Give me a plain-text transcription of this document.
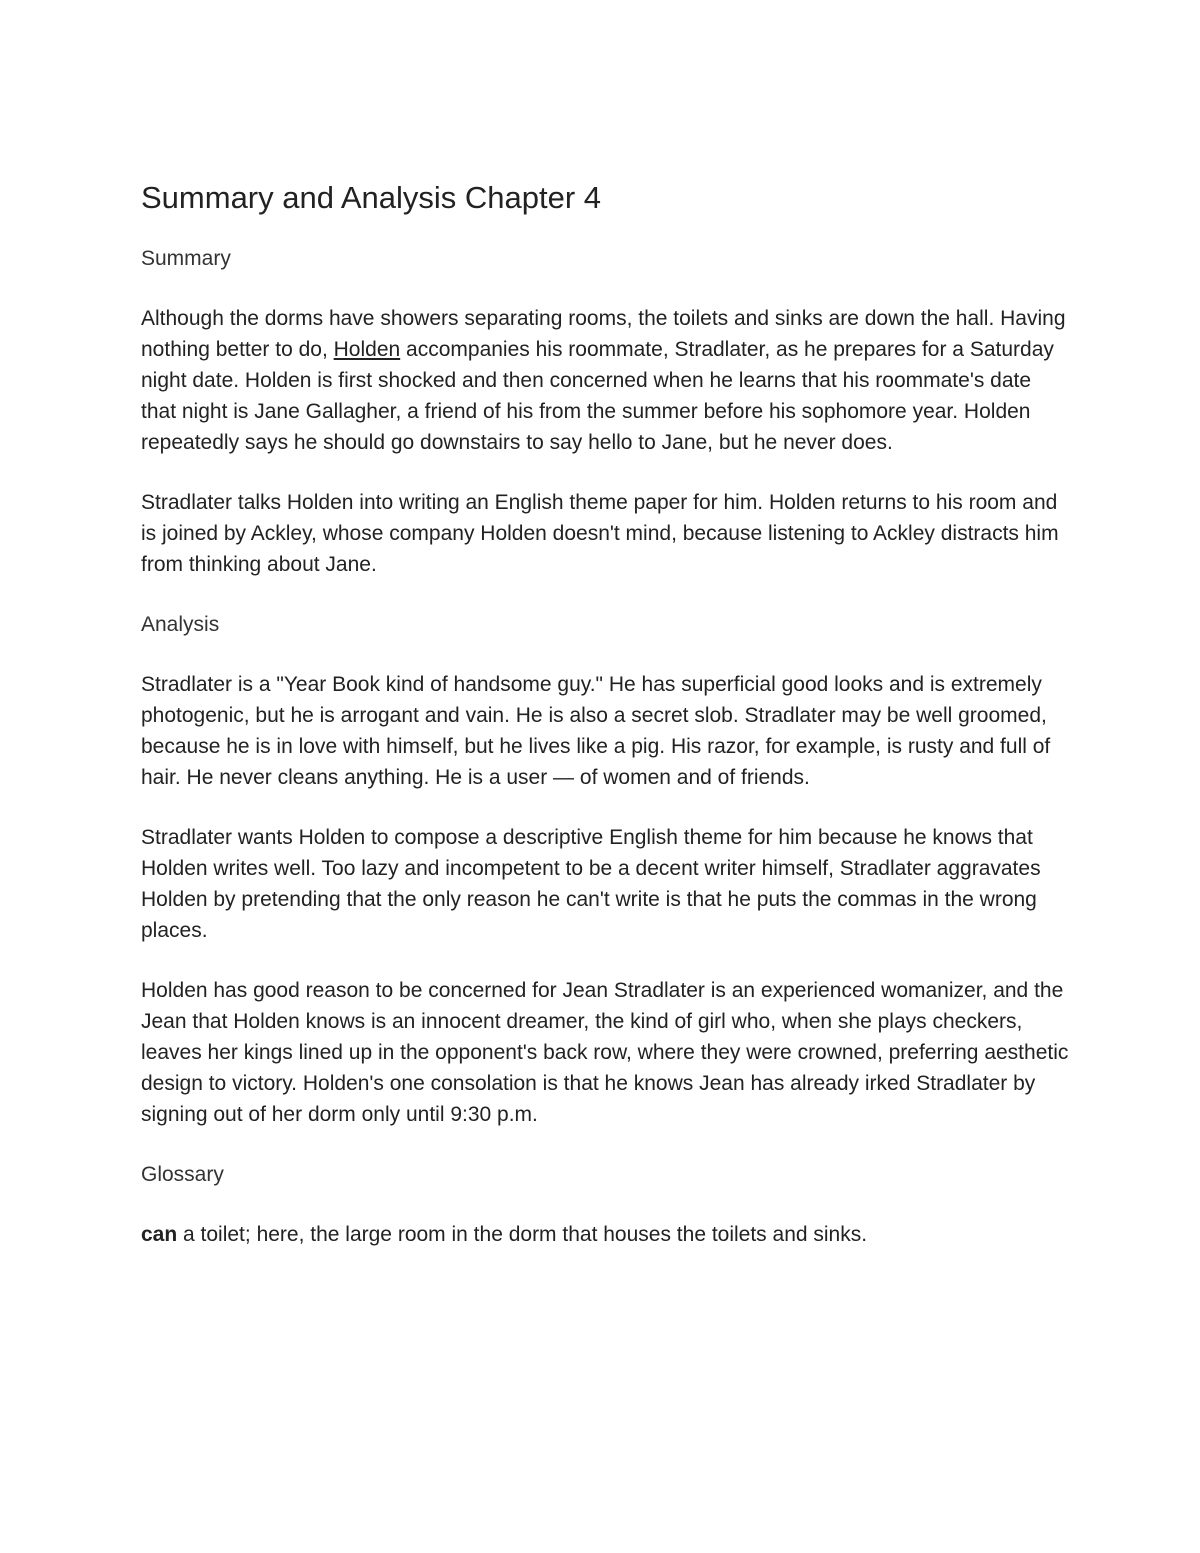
Summary and Analysis Chapter 4
Summary

Although the dorms have showers separating rooms, the toilets and sinks are down the hall. Having nothing better to do, Holden accompanies his roommate, Stradlater, as he prepares for a Saturday night date. Holden is first shocked and then concerned when he learns that his roommate's date that night is Jane Gallagher, a friend of his from the summer before his sophomore year. Holden repeatedly says he should go downstairs to say hello to Jane, but he never does.

Stradlater talks Holden into writing an English theme paper for him. Holden returns to his room and is joined by Ackley, whose company Holden doesn't mind, because listening to Ackley distracts him from thinking about Jane.

Analysis

Stradlater is a "Year Book kind of handsome guy." He has superficial good looks and is extremely photogenic, but he is arrogant and vain. He is also a secret slob. Stradlater may be well groomed, because he is in love with himself, but he lives like a pig. His razor, for example, is rusty and full of hair. He never cleans anything. He is a user — of women and of friends.

Stradlater wants Holden to compose a descriptive English theme for him because he knows that Holden writes well. Too lazy and incompetent to be a decent writer himself, Stradlater aggravates Holden by pretending that the only reason he can't write is that he puts the commas in the wrong places.

Holden has good reason to be concerned for Jean Stradlater is an experienced womanizer, and the Jean that Holden knows is an innocent dreamer, the kind of girl who, when she plays checkers, leaves her kings lined up in the opponent's back row, where they were crowned, preferring aesthetic design to victory. Holden's one consolation is that he knows Jean has already irked Stradlater by signing out of her dorm only until 9:30 p.m.

Glossary

can a toilet; here, the large room in the dorm that houses the toilets and sinks.
